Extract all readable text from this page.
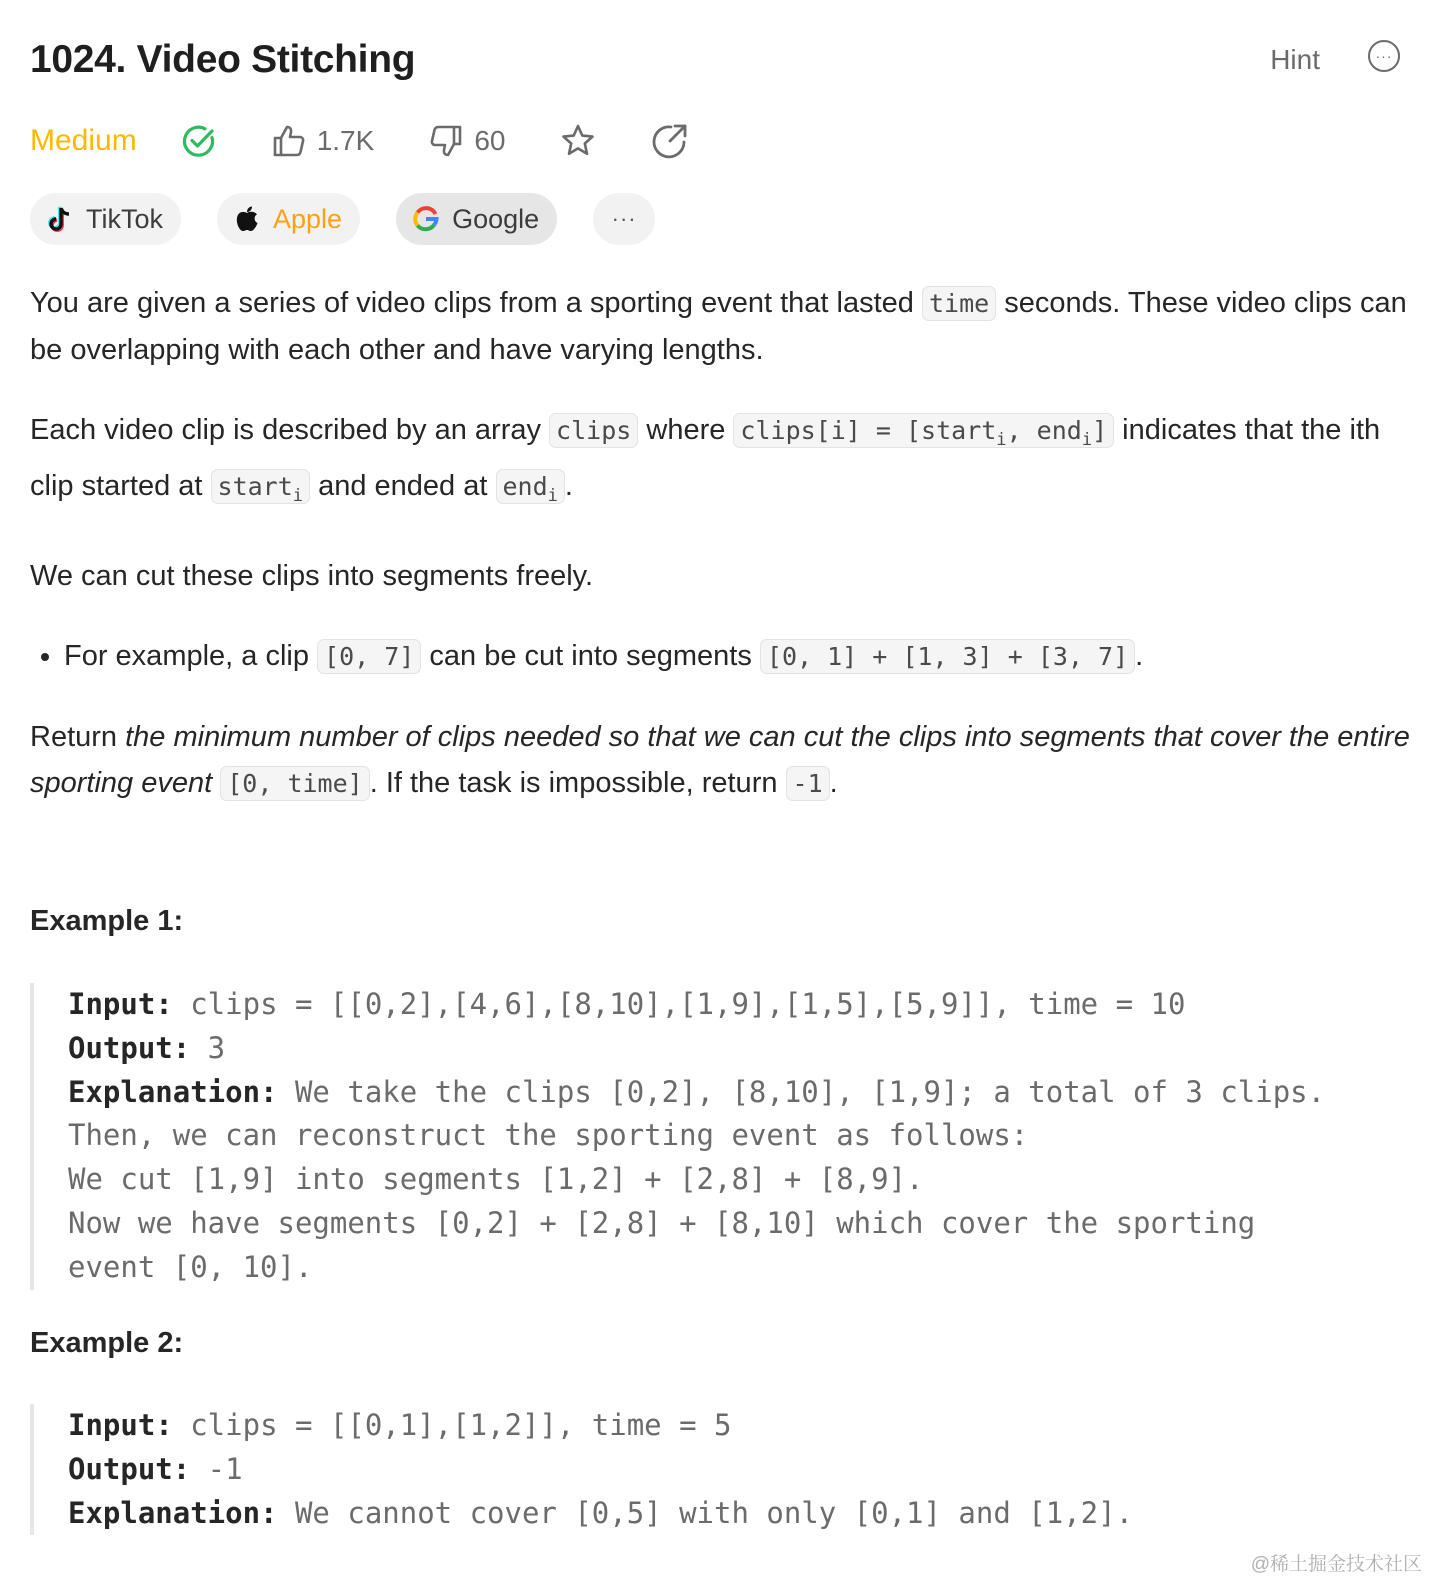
1024. Video Stitching	Hint	···
Medium	1.7K	60
TikTok	Apple	Google	···

You are given a series of video clips from a sporting event that lasted time seconds. These video clips can be overlapping with each other and have varying lengths.

Each video clip is described by an array clips where clips[i] = [start$_i$, end$_i$] indicates that the ith clip started at start$_i$ and ended at end$_i$ .

We can cut these clips into segments freely.

• For example, a clip [0, 7] can be cut into segments [0, 1] + [1, 3] + [3, 7] .

Return the minimum number of clips needed so that we can cut the clips into segments that cover the entire sporting event [0, time] . If the task is impossible, return -1 .

Example 1:
Input: clips = [[0,2],[4,6],[8,10],[1,9],[1,5],[5,9]], time = 10
Output: 3
Explanation: We take the clips [0,2], [8,10], [1,9]; a total of 3 clips.
Then, we can reconstruct the sporting event as follows:
We cut [1,9] into segments [1,2] + [2,8] + [8,9].
Now we have segments [0,2] + [2,8] + [8,10] which cover the sporting
event [0, 10].
Example 2:
Input: clips = [[0,1],[1,2]], time = 5
Output: -1
Explanation: We cannot cover [0,5] with only [0,1] and [1,2].
@稀土掘金技术社区
